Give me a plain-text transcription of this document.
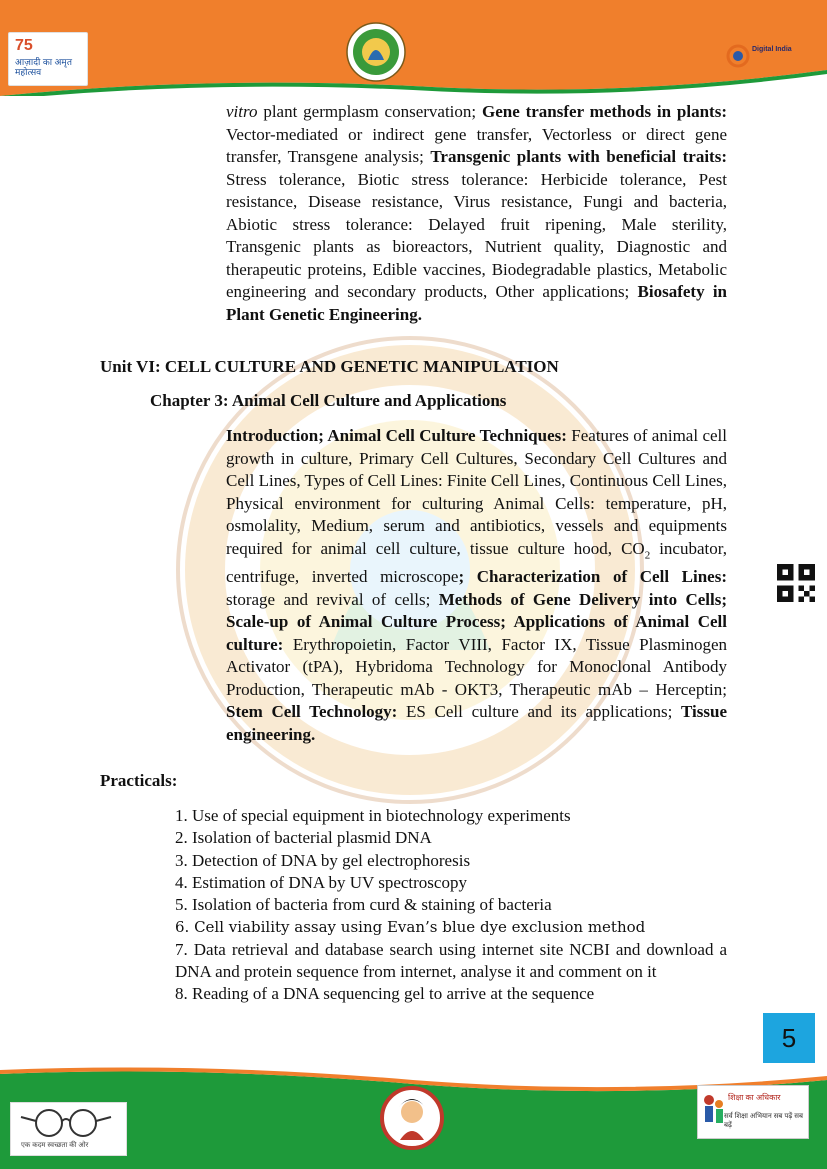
75
आज़ादी का अमृत महोत्सव
Digital India
vitro plant germplasm conservation; Gene transfer methods in plants: Vector-mediated or indirect gene transfer, Vectorless or direct gene transfer, Transgene analysis; Transgenic plants with beneficial traits: Stress tolerance, Biotic stress tolerance: Herbicide tolerance, Pest resistance, Disease resistance, Virus resistance, Fungi and bacteria, Abiotic stress tolerance: Delayed fruit ripening, Male sterility, Transgenic plants as bioreactors, Nutrient quality, Diagnostic and therapeutic proteins, Edible vaccines, Biodegradable plastics, Metabolic engineering and secondary products, Other applications; Biosafety in Plant Genetic Engineering.
Unit VI: CELL CULTURE AND GENETIC MANIPULATION
Chapter 3: Animal Cell Culture and Applications
Introduction; Animal Cell Culture Techniques: Features of animal cell growth in culture, Primary Cell Cultures, Secondary Cell Cultures and Cell Lines, Types of Cell Lines: Finite Cell Lines, Continuous Cell Lines, Physical environment for culturing Animal Cells: temperature, pH, osmolality, Medium, serum and antibiotics, vessels and equipments required for animal cell culture, tissue culture hood, $CO_2$ incubator, centrifuge, inverted microscope; Characterization of Cell Lines: storage and revival of cells; Methods of Gene Delivery into Cells; Scale-up of Animal Culture Process; Applications of Animal Cell culture: Erythropoietin, Factor VIII, Factor IX, Tissue Plasminogen Activator (tPA), Hybridoma Technology for Monoclonal Antibody Production, Therapeutic mAb - OKT3, Therapeutic mAb – Herceptin; Stem Cell Technology: ES Cell culture and its applications; Tissue engineering.
Practicals:
1. Use of special equipment in biotechnology experiments
2. Isolation of bacterial plasmid DNA
3. Detection of DNA by gel electrophoresis
4. Estimation of DNA by UV spectroscopy
5. Isolation of bacteria from curd & staining of bacteria
6. Cell viability assay using Evan’s blue dye exclusion method
7. Data retrieval and database search using internet site NCBI and download a DNA and protein sequence from internet, analyse it and comment on it
8. Reading of a DNA sequencing gel to arrive at the sequence
5
एक कदम स्वच्छता की ओर
शिक्षा का अधिकार
सर्व शिक्षा अभियान सब पढ़ें सब बढ़ें
